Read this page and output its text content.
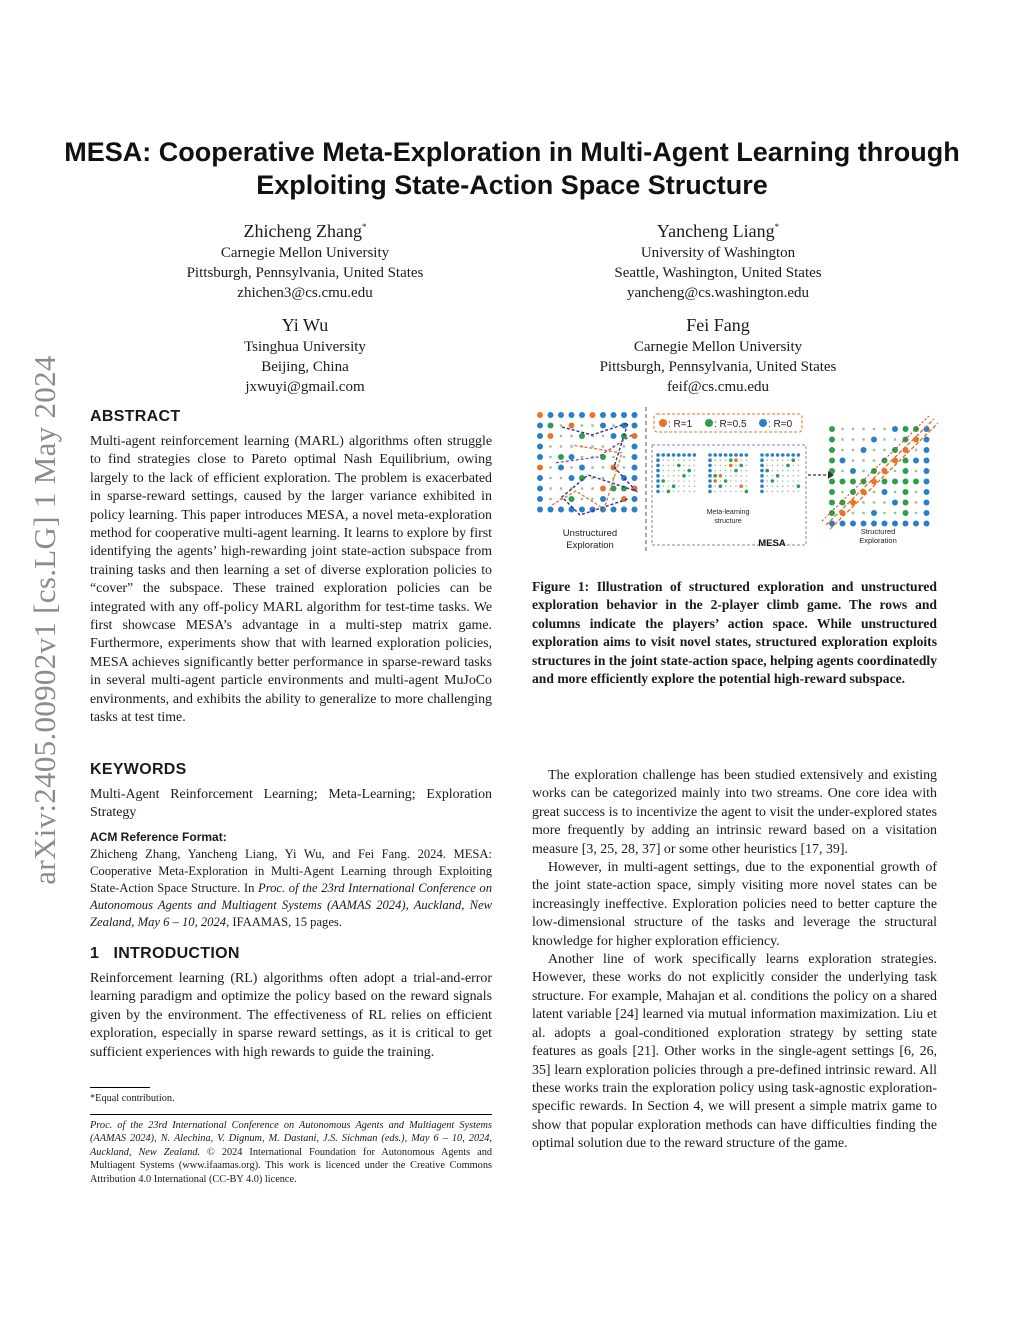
arXiv:2405.00902v1 [cs.LG] 1 May 2024
MESA: Cooperative Meta-Exploration in Multi-Agent Learning through Exploiting State-Action Space Structure
Zhicheng Zhang*
Carnegie Mellon University
Pittsburgh, Pennsylvania, United States
zhichen3@cs.cmu.edu
Yancheng Liang*
University of Washington
Seattle, Washington, United States
yancheng@cs.washington.edu
Yi Wu
Tsinghua University
Beijing, China
jxwuyi@gmail.com
Fei Fang
Carnegie Mellon University
Pittsburgh, Pennsylvania, United States
feif@cs.cmu.edu
ABSTRACT
Multi-agent reinforcement learning (MARL) algorithms often struggle to find strategies close to Pareto optimal Nash Equilibrium, owing largely to the lack of efficient exploration. The problem is exacerbated in sparse-reward settings, caused by the larger variance exhibited in policy learning. This paper introduces MESA, a novel meta-exploration method for cooperative multi-agent learning. It learns to explore by first identifying the agents’ high-rewarding joint state-action subspace from training tasks and then learning a set of diverse exploration policies to “cover” the subspace. These trained exploration policies can be integrated with any off-policy MARL algorithm for test-time tasks. We first showcase MESA’s advantage in a multi-step matrix game. Furthermore, experiments show that with learned exploration policies, MESA achieves significantly better performance in sparse-reward tasks in several multi-agent particle environments and multi-agent MuJoCo environments, and exhibits the ability to generalize to more challenging tasks at test time.
KEYWORDS
Multi-Agent Reinforcement Learning; Meta-Learning; Exploration Strategy
ACM Reference Format:
Zhicheng Zhang, Yancheng Liang, Yi Wu, and Fei Fang. 2024. MESA: Cooperative Meta-Exploration in Multi-Agent Learning through Exploiting State-Action Space Structure. In Proc. of the 23rd International Conference on Autonomous Agents and Multiagent Systems (AAMAS 2024), Auckland, New Zealand, May 6 – 10, 2024, IFAAMAS, 15 pages.
1 INTRODUCTION
Reinforcement learning (RL) algorithms often adopt a trial-and-error learning paradigm and optimize the policy based on the reward signals given by the environment. The effectiveness of RL relies on efficient exploration, especially in sparse reward settings, as it is critical to get sufficient experiences with high rewards to guide the training.
*Equal contribution.
Proc. of the 23rd International Conference on Autonomous Agents and Multiagent Systems (AAMAS 2024), N. Alechina, V. Dignum, M. Dastani, J.S. Sichman (eds.), May 6 – 10, 2024, Auckland, New Zealand. © 2024 International Foundation for Autonomous Agents and Multiagent Systems (www.ifaamas.org). This work is licenced under the Creative Commons Attribution 4.0 International (CC-BY 4.0) licence.
: R=1 : R=0.5 : R=0
Unstructured
Exploration
Meta-learning
structure
MESA
Structured
Exploration
Figure 1: Illustration of structured exploration and unstructured exploration behavior in the 2-player climb game. The rows and columns indicate the players’ action space. While unstructured exploration aims to visit novel states, structured exploration exploits structures in the joint state-action space, helping agents coordinatedly and more efficiently explore the potential high-reward subspace.

The exploration challenge has been studied extensively and existing works can be categorized mainly into two streams. One core idea with great success is to incentivize the agent to visit the under-explored states more frequently by adding an intrinsic reward based on a visitation measure [3, 25, 28, 37] or some other heuristics [17, 39].

However, in multi-agent settings, due to the exponential growth of the joint state-action space, simply visiting more novel states can be increasingly ineffective. Exploration policies need to better capture the low-dimensional structure of the tasks and leverage the structural knowledge for higher exploration efficiency.

Another line of work specifically learns exploration strategies. However, these works do not explicitly consider the underlying task structure. For example, Mahajan et al. conditions the policy on a shared latent variable [24] learned via mutual information maximization. Liu et al. adopts a goal-conditioned exploration strategy by setting state features as goals [21]. Other works in the single-agent settings [6, 26, 35] learn exploration policies through a pre-defined intrinsic reward. All these works train the exploration policy using task-agnostic exploration-specific rewards. In Section 4, we will present a simple matrix game to show that popular exploration methods can have difficulties finding the optimal solution due to the reward structure of the game.
